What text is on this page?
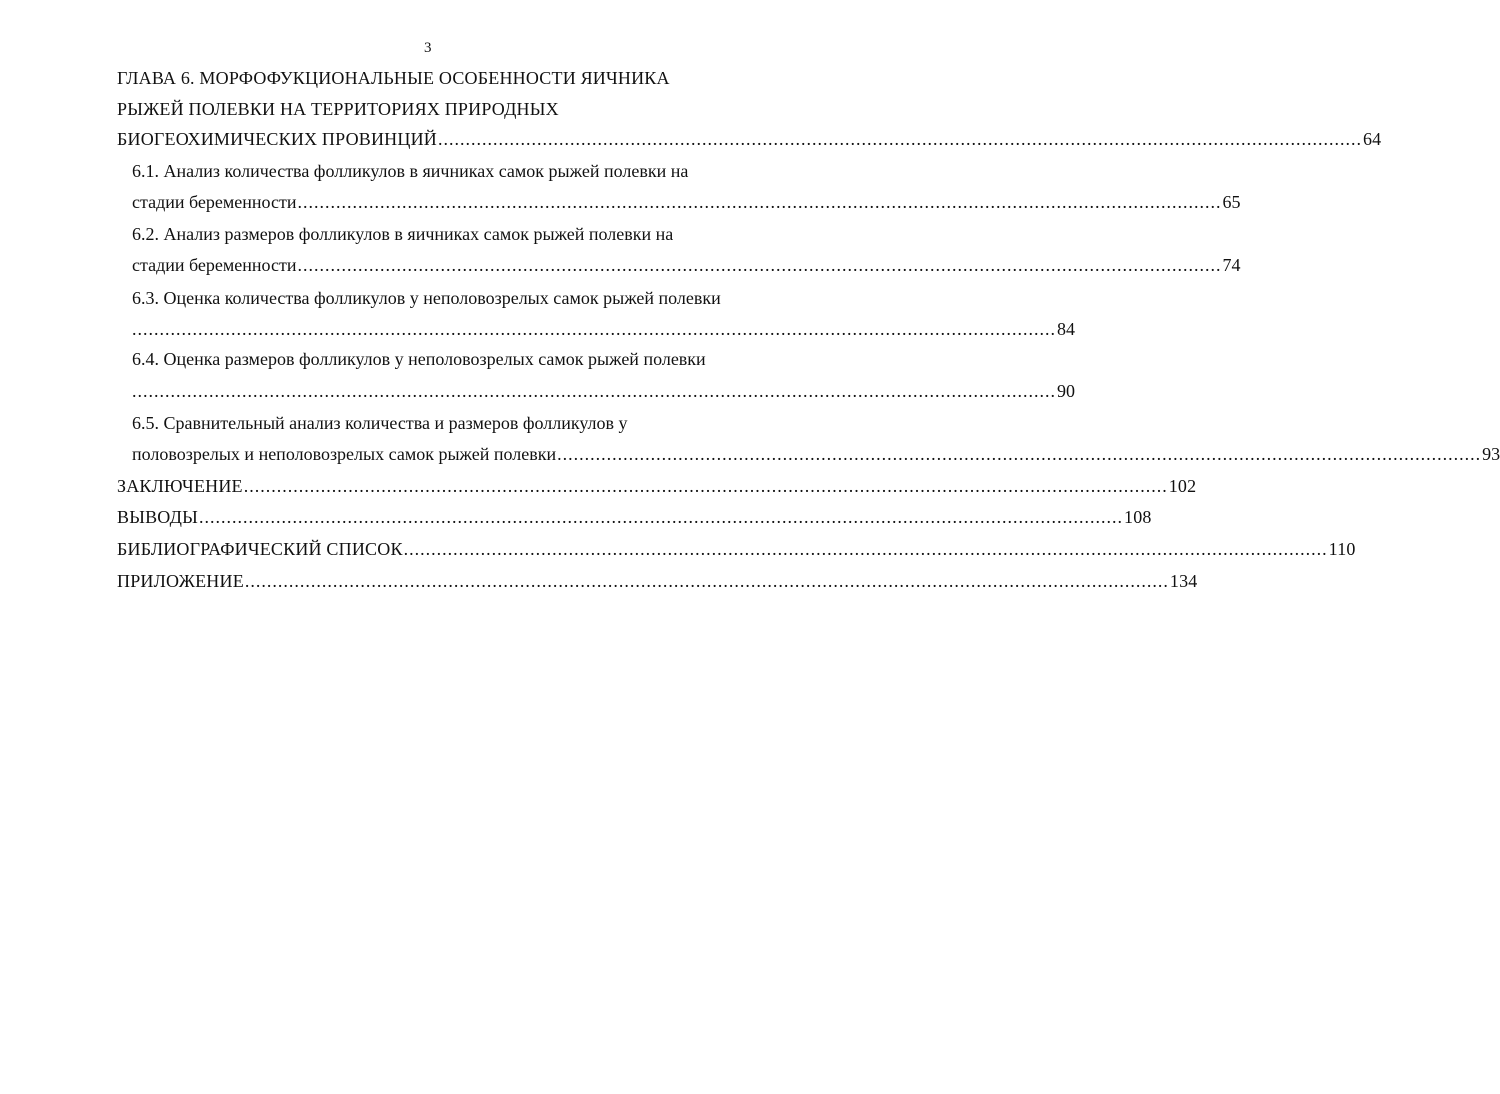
3
ГЛАВА 6. МОРФОФУКЦИОНАЛЬНЫЕ ОСОБЕННОСТИ ЯИЧНИКА
РЫЖЕЙ ПОЛЕВКИ НА ТЕРРИТОРИЯХ ПРИРОДНЫХ
БИОГЕОХИМИЧЕСКИХ ПРОВИНЦИЙ ........................................................................................................................................................................ 64
6.1. Анализ количества фолликулов в яичниках самок рыжей полевки на
стадии беременности ........................................................................................................................................................................ 65
6.2. Анализ размеров фолликулов в яичниках самок рыжей полевки на
стадии беременности ........................................................................................................................................................................ 74
6.3. Оценка количества фолликулов у неполовозрелых самок рыжей полевки
........................................................................................................................................................................ 84
6.4. Оценка размеров фолликулов у неполовозрелых самок рыжей полевки
........................................................................................................................................................................ 90
6.5. Сравнительный анализ количества и размеров фолликулов у
половозрелых и неполовозрелых самок рыжей полевки ........................................................................................................................................................................ 93
ЗАКЛЮЧЕНИЕ ........................................................................................................................................................................ 102
ВЫВОДЫ ........................................................................................................................................................................ 108
БИБЛИОГРАФИЧЕСКИЙ СПИСОК ........................................................................................................................................................................ 110
ПРИЛОЖЕНИЕ ........................................................................................................................................................................ 134
